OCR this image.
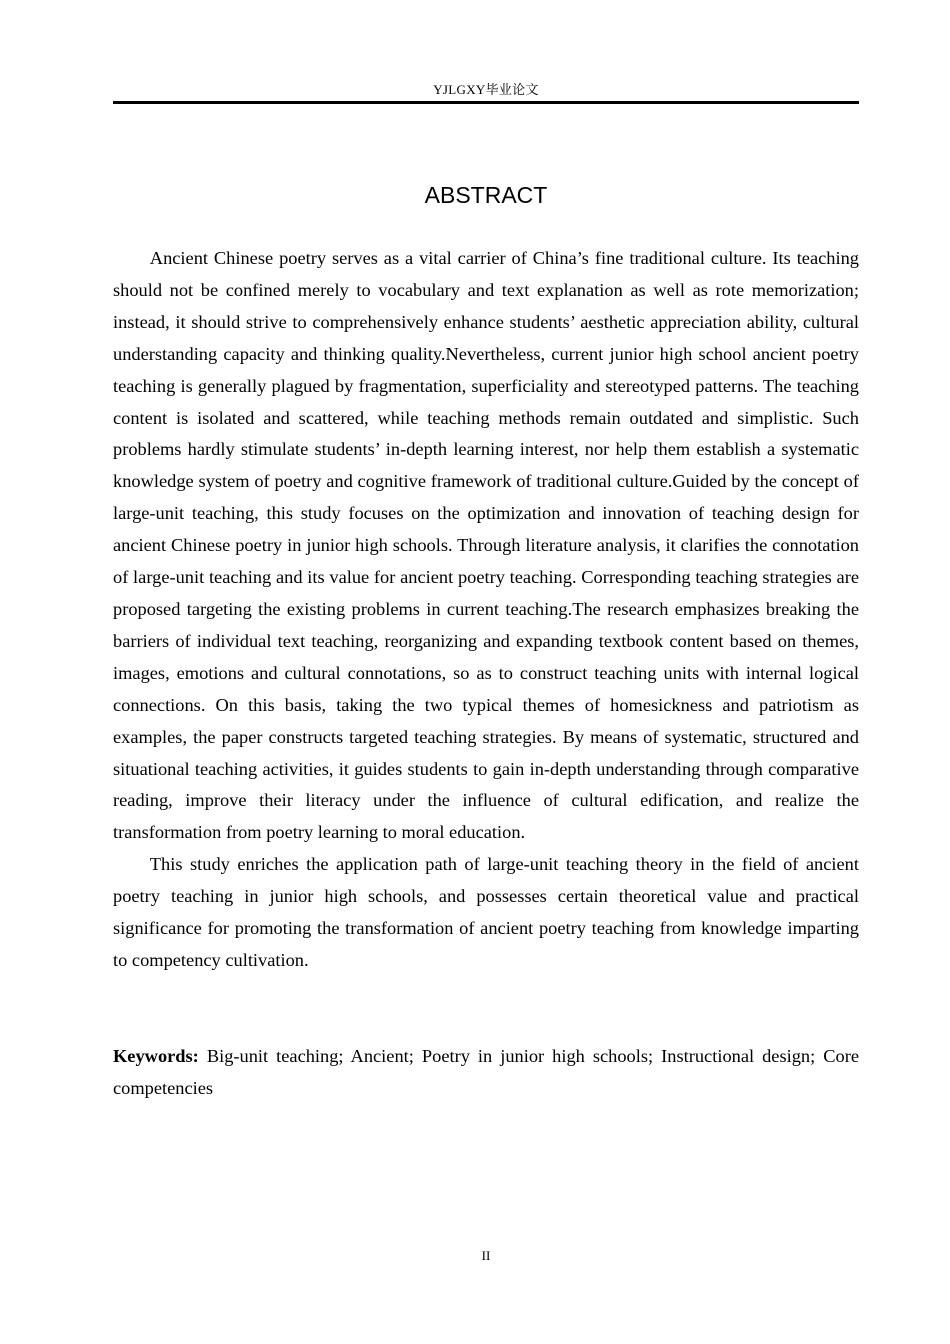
YJLGXY毕业论文
ABSTRACT

Ancient Chinese poetry serves as a vital carrier of China’s fine traditional culture. Its teaching should not be confined merely to vocabulary and text explanation as well as rote memorization; instead, it should strive to comprehensively enhance students’ aesthetic appreciation ability, cultural understanding capacity and thinking quality.Nevertheless, current junior high school ancient poetry teaching is generally plagued by fragmentation, superficiality and stereotyped patterns. The teaching content is isolated and scattered, while teaching methods remain outdated and simplistic. Such problems hardly stimulate students’ in-depth learning interest, nor help them establish a systematic knowledge system of poetry and cognitive framework of traditional culture.Guided by the concept of large-unit teaching, this study focuses on the optimization and innovation of teaching design for ancient Chinese poetry in junior high schools. Through literature analysis, it clarifies the connotation of large-unit teaching and its value for ancient poetry teaching. Corresponding teaching strategies are proposed targeting the existing problems in current teaching.The research emphasizes breaking the barriers of individual text teaching, reorganizing and expanding textbook content based on themes, images, emotions and cultural connotations, so as to construct teaching units with internal logical connections. On this basis, taking the two typical themes of homesickness and patriotism as examples, the paper constructs targeted teaching strategies. By means of systematic, structured and situational teaching activities, it guides students to gain in-depth understanding through comparative reading, improve their literacy under the influence of cultural edification, and realize the transformation from poetry learning to moral education.

This study enriches the application path of large-unit teaching theory in the field of ancient poetry teaching in junior high schools, and possesses certain theoretical value and practical significance for promoting the transformation of ancient poetry teaching from knowledge imparting to competency cultivation.

Keywords: Big-unit teaching; Ancient; Poetry in junior high schools; Instructional design; Core competencies

II
